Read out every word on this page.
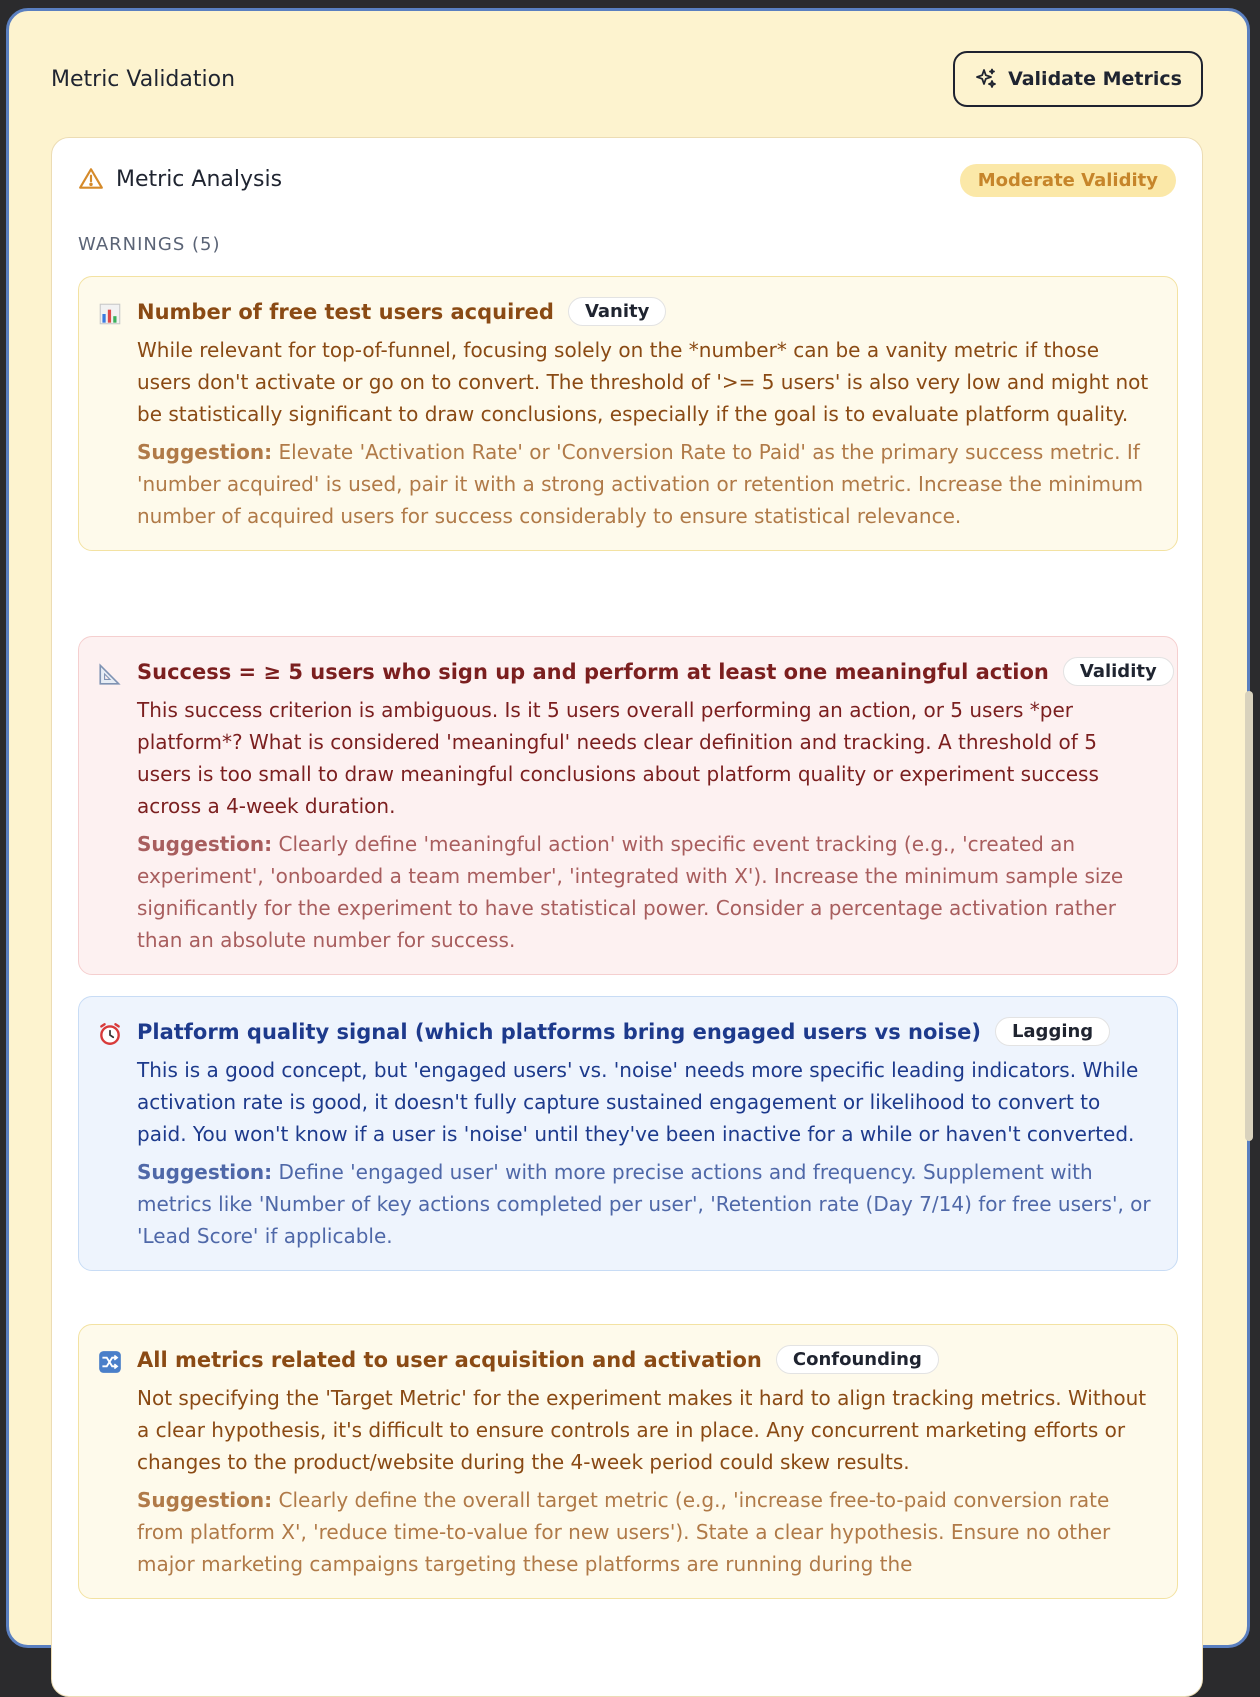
Metric Validation	Validate Metrics
Metric Analysis	Moderate Validity
WARNINGS (5)
Number of free test users acquired	Vanity
While relevant for top-of-funnel, focusing solely on the *number* can be a vanity metric if those users don't activate or go on to convert. The threshold of '>= 5 users' is also very low and might not be statistically significant to draw conclusions, especially if the goal is to evaluate platform quality.
Suggestion: Elevate 'Activation Rate' or 'Conversion Rate to Paid' as the primary success metric. If 'number acquired' is used, pair it with a strong activation or retention metric. Increase the minimum number of acquired users for success considerably to ensure statistical relevance.
Success = ≥ 5 users who sign up and perform at least one meaningful action	Validity
This success criterion is ambiguous. Is it 5 users overall performing an action, or 5 users *per platform*? What is considered 'meaningful' needs clear definition and tracking. A threshold of 5 users is too small to draw meaningful conclusions about platform quality or experiment success across a 4-week duration.
Suggestion: Clearly define 'meaningful action' with specific event tracking (e.g., 'created an experiment', 'onboarded a team member', 'integrated with X'). Increase the minimum sample size significantly for the experiment to have statistical power. Consider a percentage activation rather than an absolute number for success.
Platform quality signal (which platforms bring engaged users vs noise)	Lagging
This is a good concept, but 'engaged users' vs. 'noise' needs more specific leading indicators. While activation rate is good, it doesn't fully capture sustained engagement or likelihood to convert to paid. You won't know if a user is 'noise' until they've been inactive for a while or haven't converted.
Suggestion: Define 'engaged user' with more precise actions and frequency. Supplement with metrics like 'Number of key actions completed per user', 'Retention rate (Day 7/14) for free users', or 'Lead Score' if applicable.
All metrics related to user acquisition and activation	Confounding
Not specifying the 'Target Metric' for the experiment makes it hard to align tracking metrics. Without a clear hypothesis, it's difficult to ensure controls are in place. Any concurrent marketing efforts or changes to the product/website during the 4-week period could skew results.
Suggestion: Clearly define the overall target metric (e.g., 'increase free-to-paid conversion rate from platform X', 'reduce time-to-value for new users'). State a clear hypothesis. Ensure no other major marketing campaigns targeting these platforms are running during the
